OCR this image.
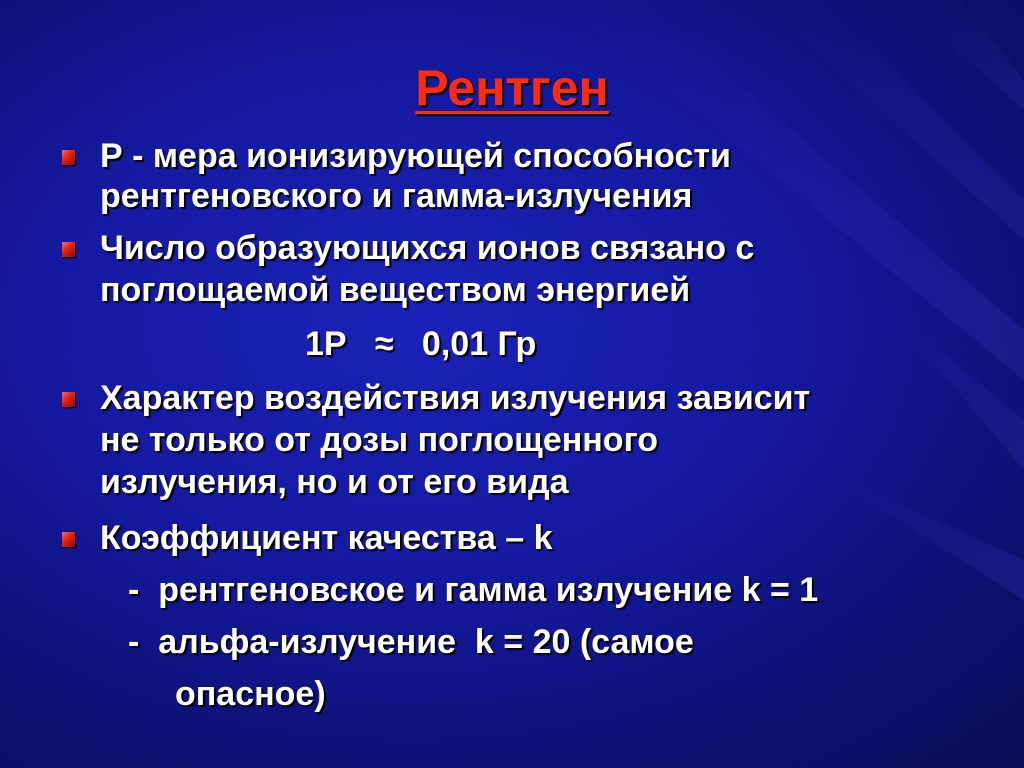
Рентген
Р - мера ионизирующей способности
рентгеновского и гамма-излучения
Число образующихся ионов связано с
поглощаемой веществом энергией
1Р   ≈   0,01 Гр
Характер воздействия излучения зависит
не только от дозы поглощенного
излучения, но и от его вида
Коэффициент качества – k
-  рентгеновское и гамма излучение k = 1
-  альфа-излучение  k = 20 (самое
опасное)
